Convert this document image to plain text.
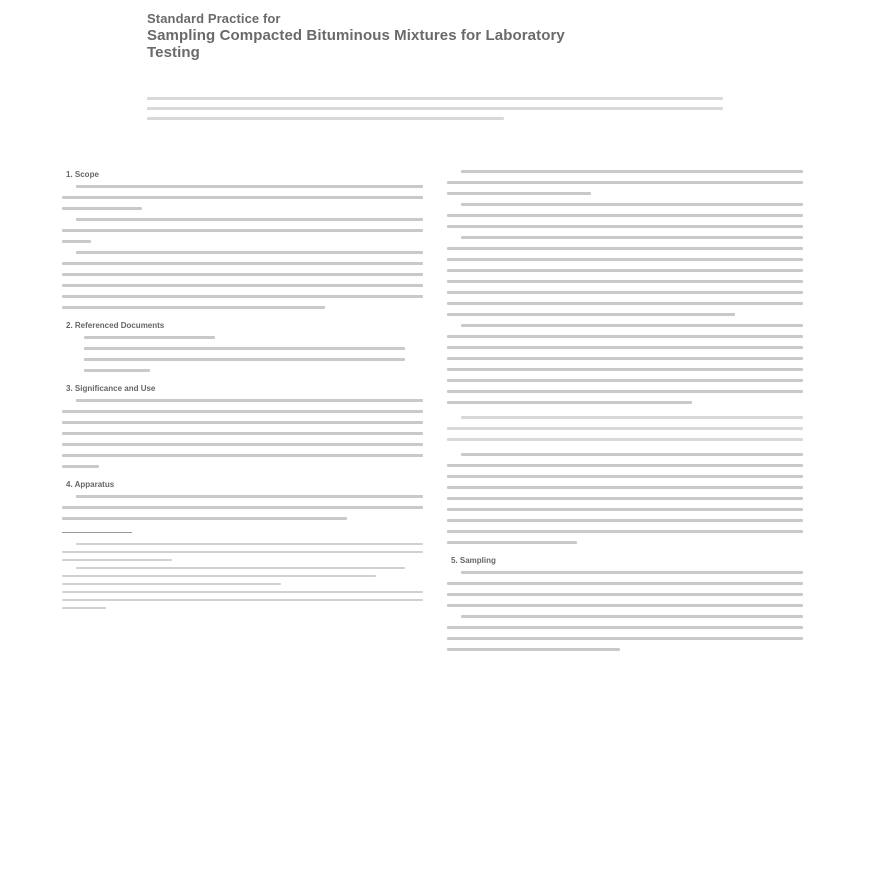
Standard Practice for
Sampling Compacted Bituminous Mixtures for Laboratory
Testing
1. Scope
2. Referenced Documents
3. Significance and Use
4. Apparatus
5. Sampling
